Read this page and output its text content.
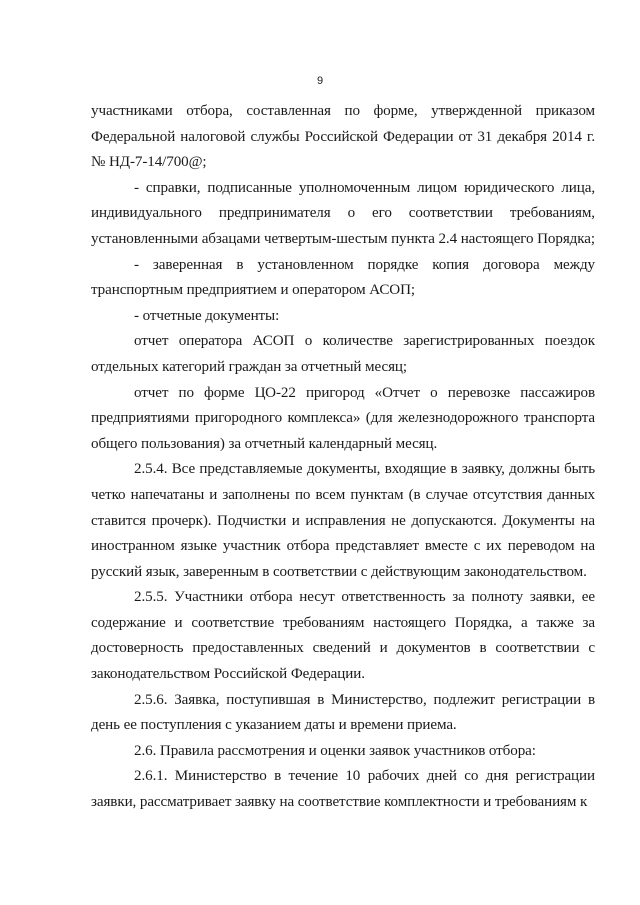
9

участниками отбора, составленная по форме, утвержденной приказом Федеральной налоговой службы Российской Федерации от 31 декабря 2014 г. № НД-7-14/700@;

- справки, подписанные уполномоченным лицом юридического лица, индивидуального предпринимателя о его соответствии требованиям, установленными абзацами четвертым-шестым пункта 2.4 настоящего Порядка;

- заверенная в установленном порядке копия договора между транспортным предприятием и оператором АСОП;

- отчетные документы:

отчет оператора АСОП о количестве зарегистрированных поездок отдельных категорий граждан за отчетный месяц;

отчет по форме ЦО-22 пригород «Отчет о перевозке пассажиров предприятиями пригородного комплекса» (для железнодорожного транспорта общего пользования) за отчетный календарный месяц.

2.5.4. Все представляемые документы, входящие в заявку, должны быть четко напечатаны и заполнены по всем пунктам (в случае отсутствия данных ставится прочерк). Подчистки и исправления не допускаются. Документы на иностранном языке участник отбора представляет вместе с их переводом на русский язык, заверенным в соответствии с действующим законодательством.

2.5.5. Участники отбора несут ответственность за полноту заявки, ее содержание и соответствие требованиям настоящего Порядка, а также за достоверность предоставленных сведений и документов в соответствии с законодательством Российской Федерации.

2.5.6. Заявка, поступившая в Министерство, подлежит регистрации в день ее поступления с указанием даты и времени приема.

2.6. Правила рассмотрения и оценки заявок участников отбора:

2.6.1. Министерство в течение 10 рабочих дней со дня регистрации заявки, рассматривает заявку на соответствие комплектности и требованиям к
